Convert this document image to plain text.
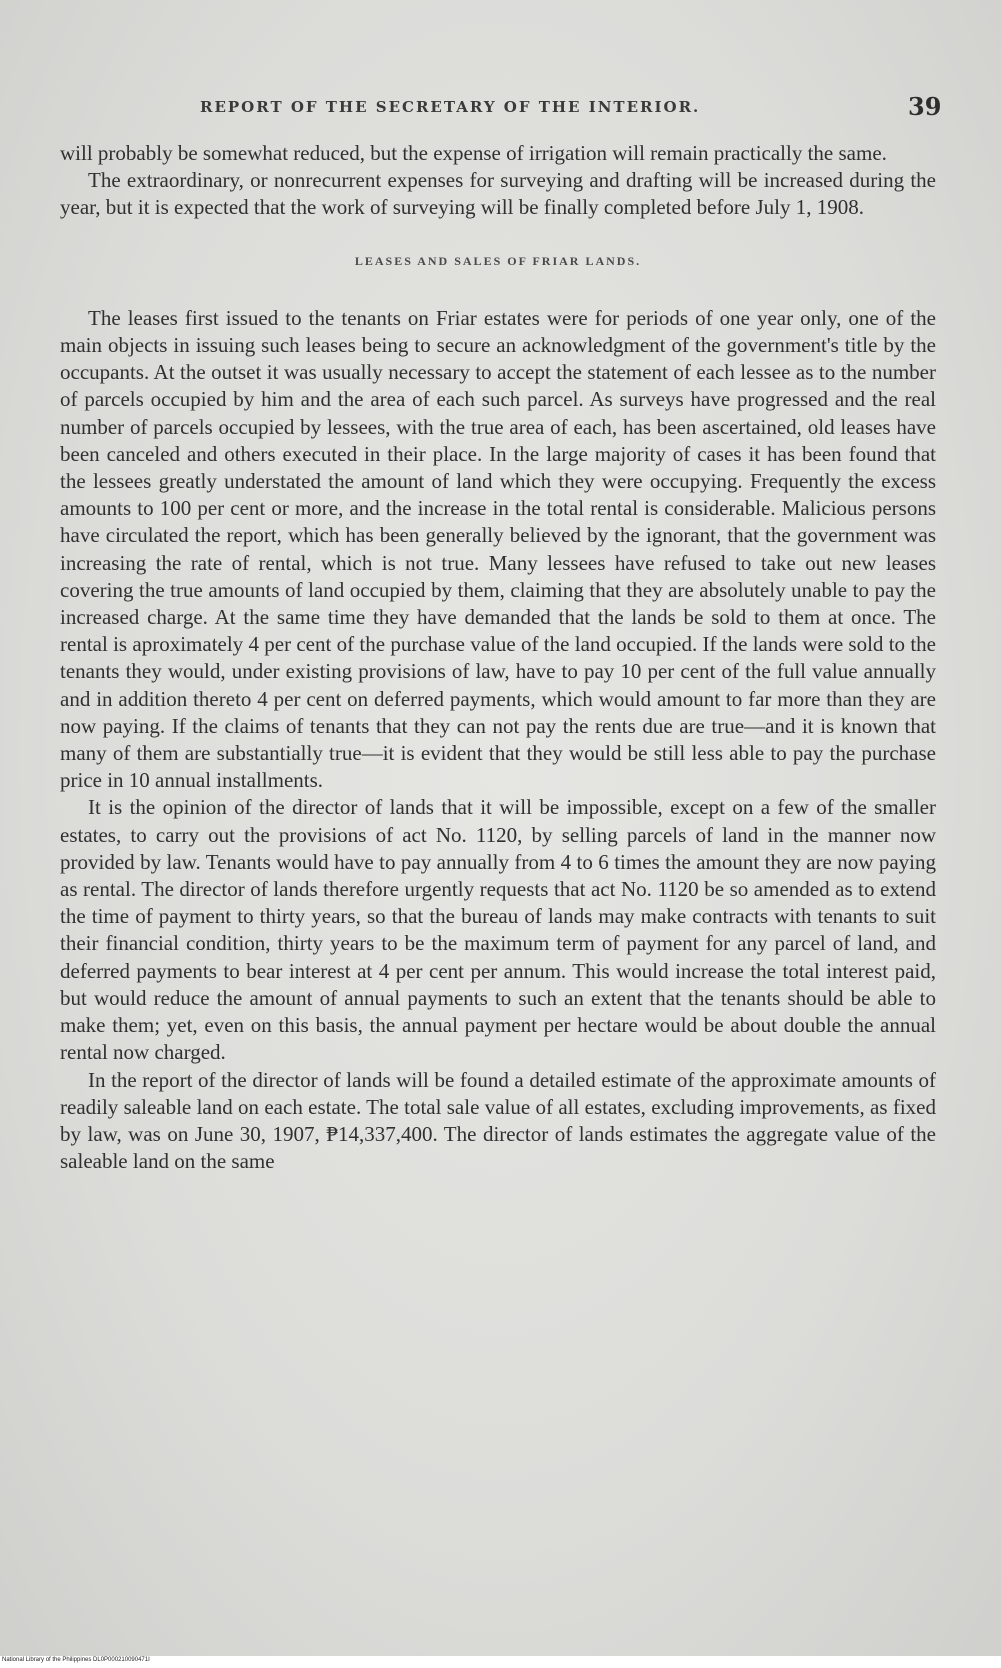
REPORT OF THE SECRETARY OF THE INTERIOR.	39

will probably be somewhat reduced, but the expense of irrigation will remain practically the same.

The extraordinary, or nonrecurrent expenses for surveying and drafting will be increased during the year, but it is expected that the work of surveying will be finally completed before July 1, 1908.

LEASES AND SALES OF FRIAR LANDS.

The leases first issued to the tenants on Friar estates were for periods of one year only, one of the main objects in issuing such leases being to secure an acknowledgment of the government's title by the occupants. At the outset it was usually necessary to accept the statement of each lessee as to the number of parcels occupied by him and the area of each such parcel. As surveys have progressed and the real number of parcels occupied by lessees, with the true area of each, has been ascertained, old leases have been canceled and others executed in their place. In the large majority of cases it has been found that the lessees greatly understated the amount of land which they were occupying. Frequently the excess amounts to 100 per cent or more, and the increase in the total rental is considerable. Malicious persons have circulated the report, which has been generally believed by the ignorant, that the government was increasing the rate of rental, which is not true. Many lessees have refused to take out new leases covering the true amounts of land occupied by them, claiming that they are absolutely unable to pay the increased charge. At the same time they have demanded that the lands be sold to them at once. The rental is aproximately 4 per cent of the purchase value of the land occupied. If the lands were sold to the tenants they would, under existing provisions of law, have to pay 10 per cent of the full value annually and in addition thereto 4 per cent on deferred payments, which would amount to far more than they are now paying. If the claims of tenants that they can not pay the rents due are true—and it is known that many of them are substantially true—it is evident that they would be still less able to pay the purchase price in 10 annual installments.

It is the opinion of the director of lands that it will be impossible, except on a few of the smaller estates, to carry out the provisions of act No. 1120, by selling parcels of land in the manner now provided by law. Tenants would have to pay annually from 4 to 6 times the amount they are now paying as rental. The director of lands therefore urgently requests that act No. 1120 be so amended as to extend the time of payment to thirty years, so that the bureau of lands may make contracts with tenants to suit their financial condition, thirty years to be the maximum term of payment for any parcel of land, and deferred payments to bear interest at 4 per cent per annum. This would increase the total interest paid, but would reduce the amount of annual payments to such an extent that the tenants should be able to make them; yet, even on this basis, the annual payment per hectare would be about double the annual rental now charged.

In the report of the director of lands will be found a detailed estimate of the approximate amounts of readily saleable land on each estate. The total sale value of all estates, excluding improvements, as fixed by law, was on June 30, 1907, ₱14,337,400. The director of lands estimates the aggregate value of the saleable land on the same

National Library of the Philippines DL0P000210090471I
